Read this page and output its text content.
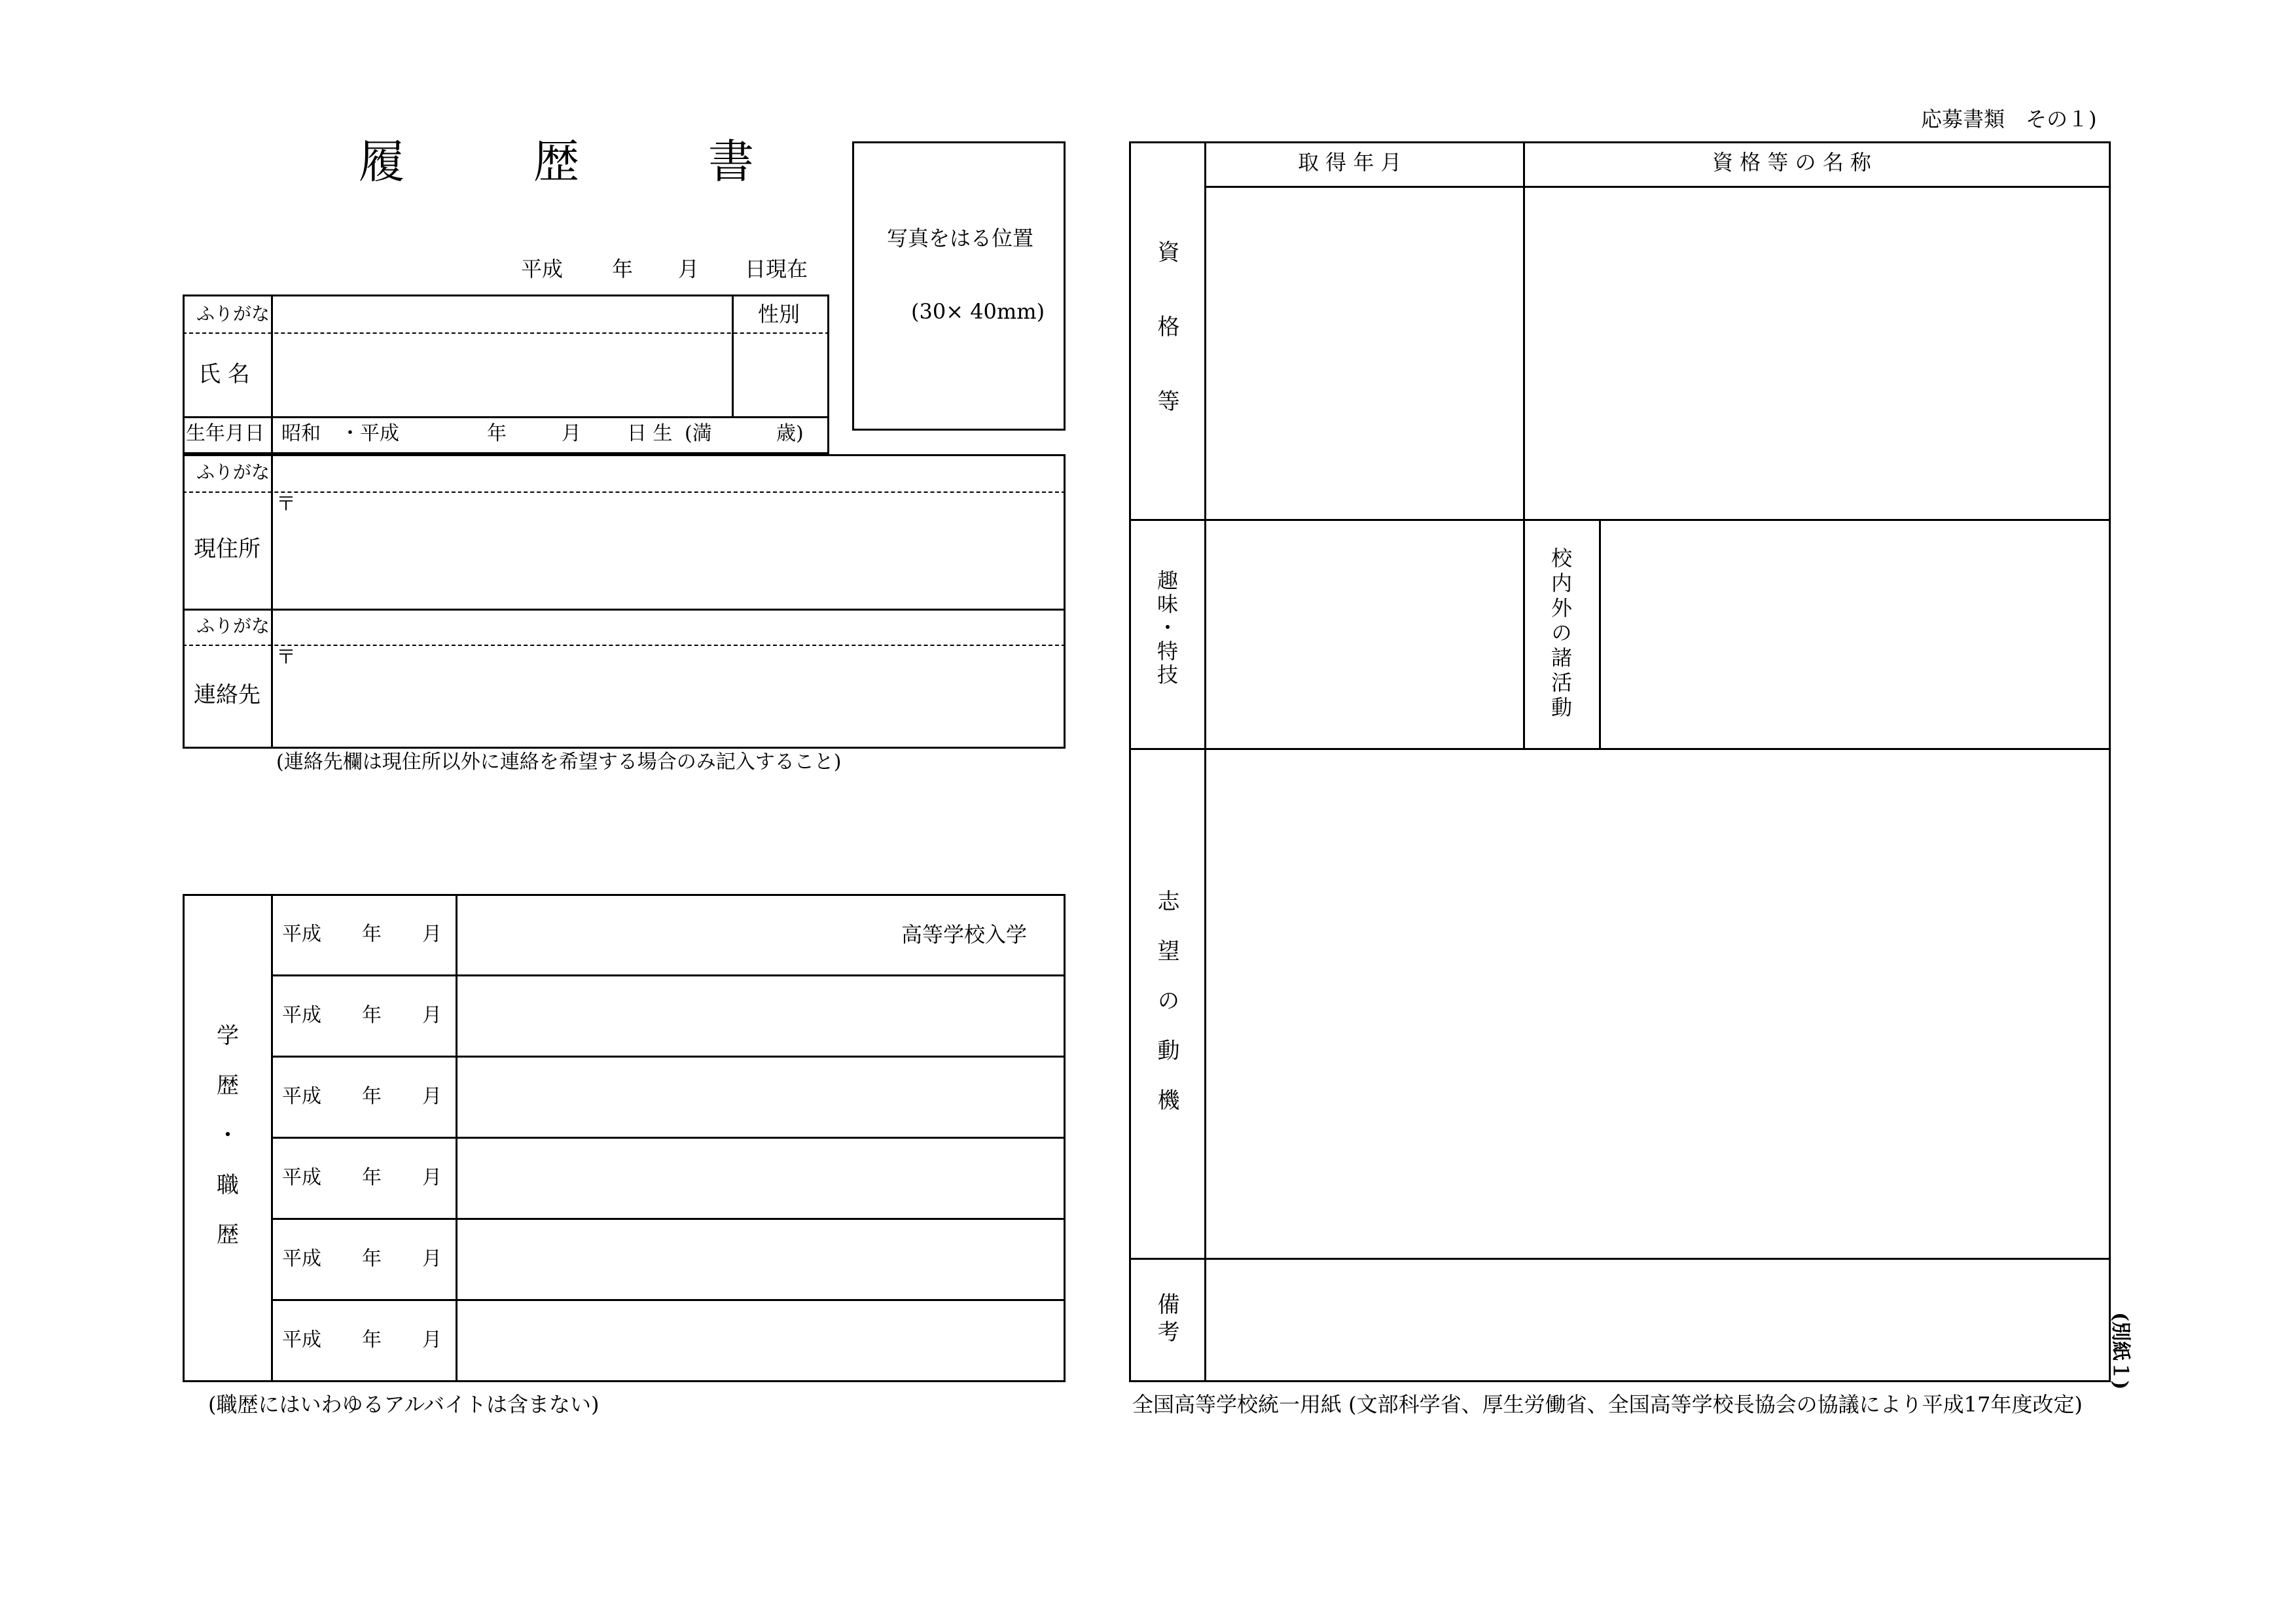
履	歴	書
平成 年 月 日現在
写真をはる位置
(30× 40mm)
ふりがな	性別
氏 名
生年月日 昭和　・平成	年	月 日 生 (満	歳)
ふりがな
〒
現住所
ふりがな
〒
連絡先
(連絡先欄は現住所以外に連絡を希望する場合のみ記入すること)
学
歴
・
職
歴
平成 年 月	高等学校入学
平成 年 月
平成 年 月
平成 年 月
平成 年 月
平成 年 月
(職歴にはいわゆるアルバイトは含まない)
応募書類　その１)
取 得 年 月	資 格 等 の 名 称
資格等
趣味・特技	校内外の諸活動
志望の動機
備考
全国高等学校統一用紙 (文部科学省、厚生労働省、全国高等学校長協会の協議により平成17年度改定)
(別紙１)
